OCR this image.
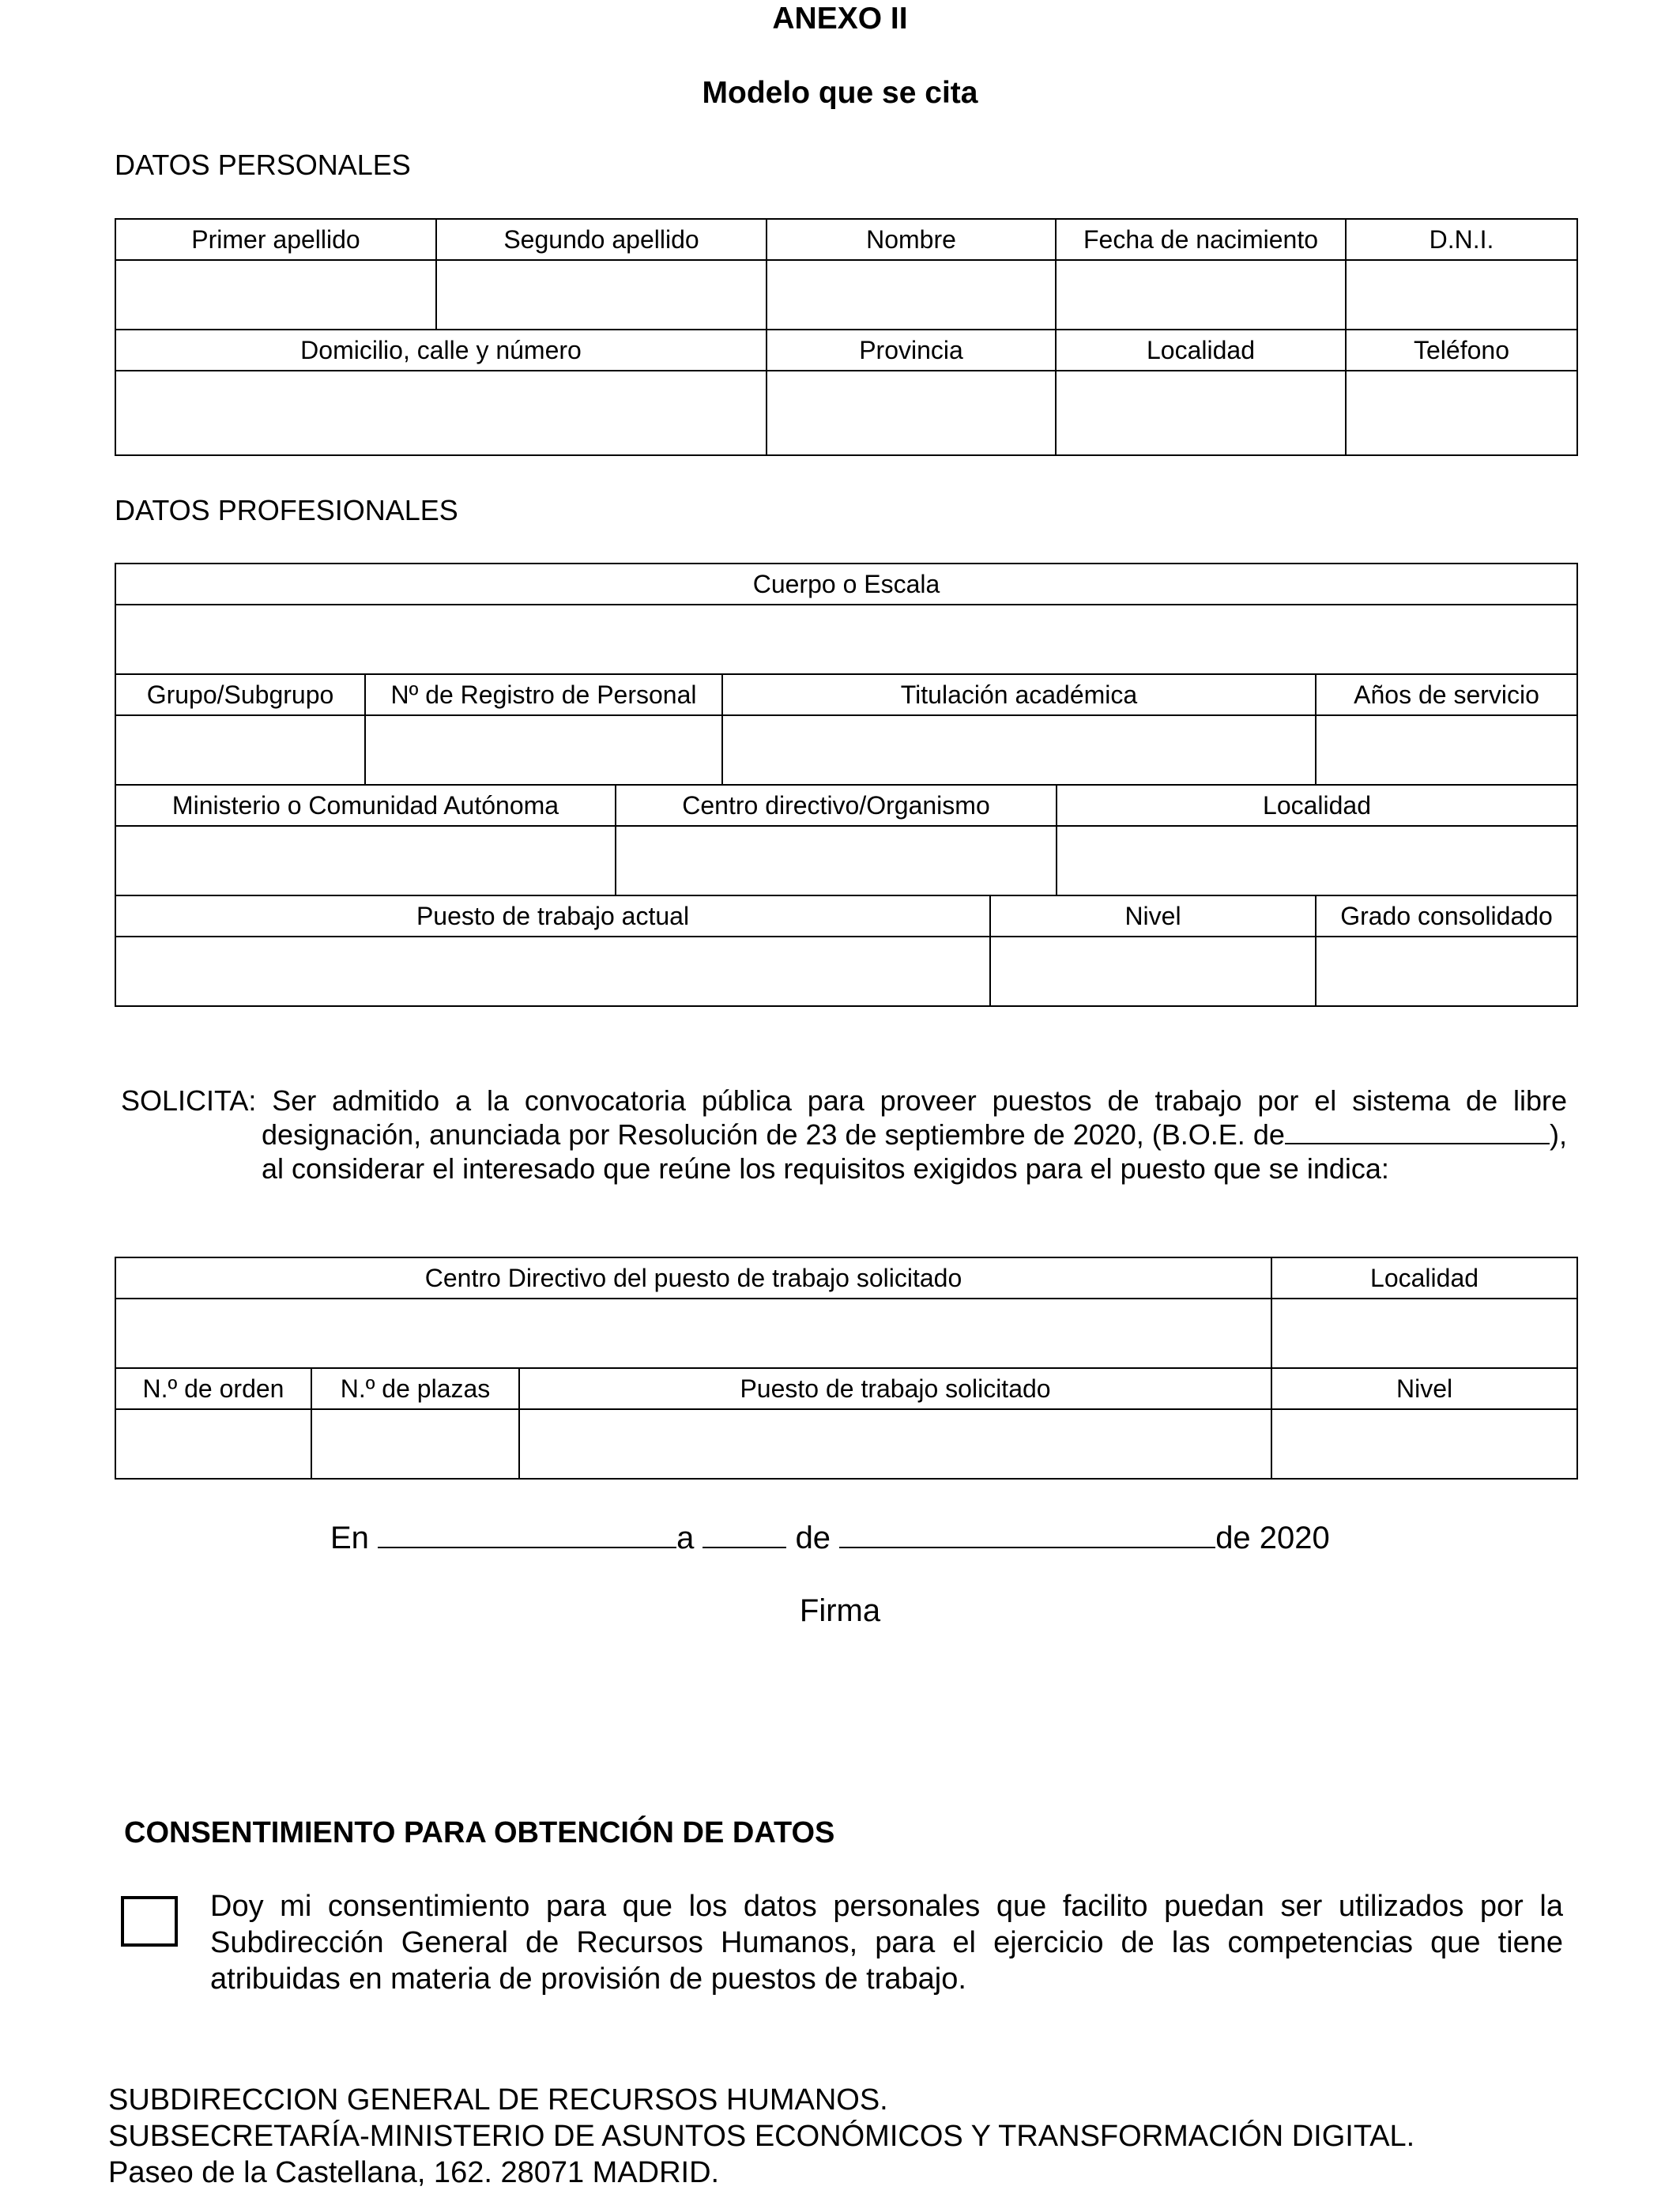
ANEXO II
Modelo que se cita
DATOS PERSONALES
Primer apellido	Segundo apellido	Nombre	Fecha de nacimiento	D.N.I.

Domicilio, calle y número		Provincia	Localidad	Teléfono

DATOS PROFESIONALES
Cuerpo o Escala						

Grupo/Subgrupo	Nº de Registro de Personal		Titulación académica			Años de servicio

Ministerio o Comunidad Autónoma		Centro directivo/Organismo			Localidad	

Puesto de trabajo actual				Nivel		Grado consolidado

SOLICITA: Ser admitido a la convocatoria pública para proveer puestos de trabajo por el sistema de libre
designación, anunciada por Resolución de 23 de septiembre de 2020, (B.O.E. de	),
al considerar el interesado que reúne los requisitos exigidos para el puesto que se indica:
Centro Directivo del puesto de trabajo solicitado			Localidad

N.º de orden	N.º de plazas	Puesto de trabajo solicitado	Nivel

En	a	de	de 2020
Firma
CONSENTIMIENTO PARA OBTENCIÓN DE DATOS
Doy mi consentimiento para que los datos personales que facilito puedan ser utilizados por la Subdirección General de Recursos Humanos, para el ejercicio de las competencias que tiene atribuidas en materia de provisión de puestos de trabajo.
SUBDIRECCION GENERAL DE RECURSOS HUMANOS.
SUBSECRETARÍA-MINISTERIO DE ASUNTOS ECONÓMICOS Y TRANSFORMACIÓN DIGITAL.
Paseo de la Castellana, 162. 28071 MADRID.
